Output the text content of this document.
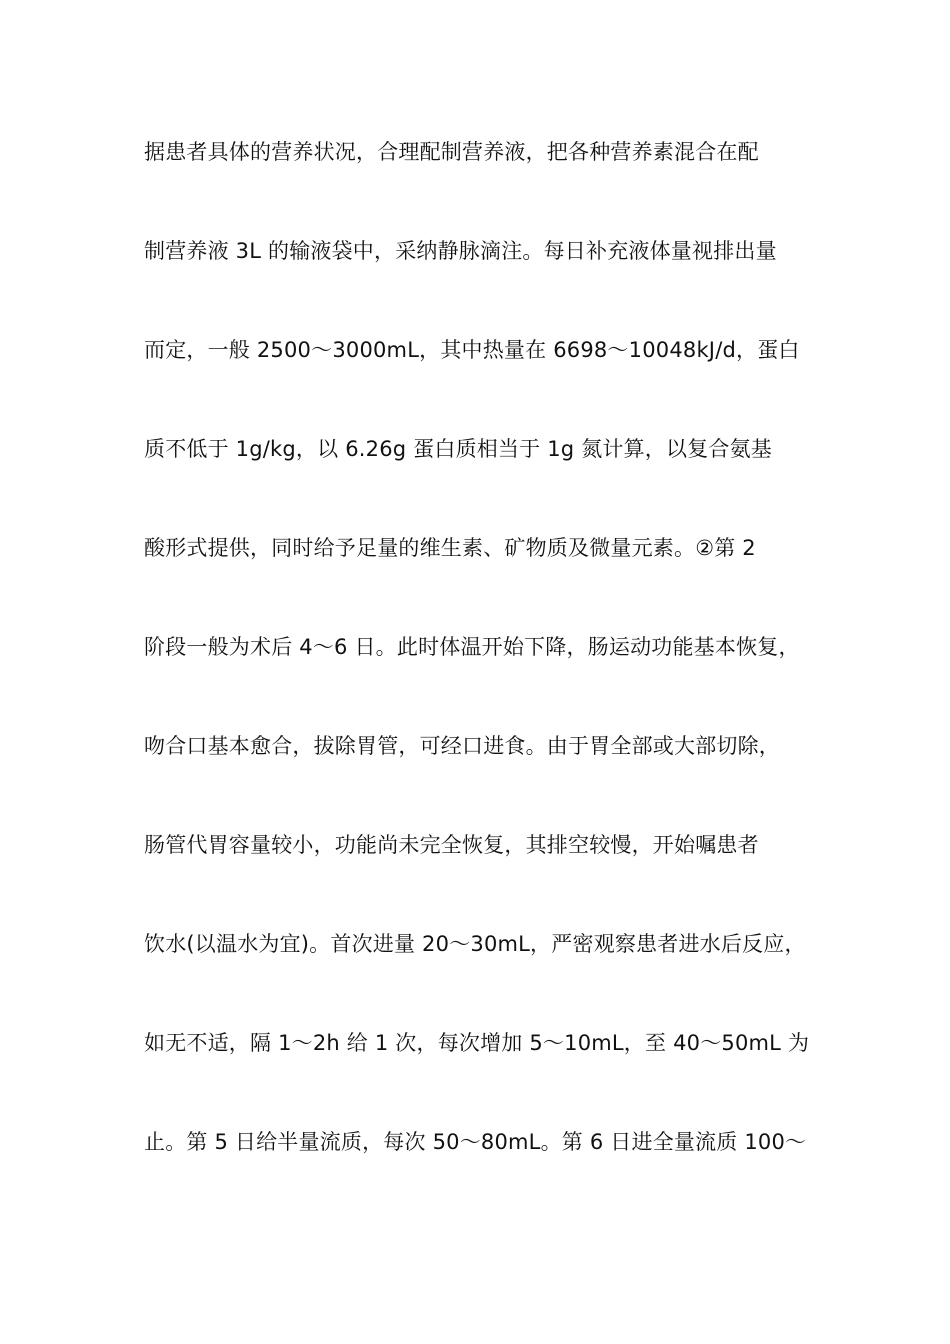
据患者具体的营养状况，合理配制营养液，把各种营养素混合在配
制营养液 3L 的输液袋中，采纳静脉滴注。每日补充液体量视排出量
而定，一般 2500～3000mL，其中热量在 6698～10048kJ/d，蛋白
质不低于 1g/kg，以 6.26g 蛋白质相当于 1g 氮计算，以复合氨基
酸形式提供，同时给予足量的维生素、矿物质及微量元素。②第 2
阶段一般为术后 4～6 日。此时体温开始下降，肠运动功能基本恢复，
吻合口基本愈合，拔除胃管，可经口进食。由于胃全部或大部切除，
肠管代胃容量较小，功能尚未完全恢复，其排空较慢，开始嘱患者
饮水(以温水为宜)。首次进量 20～30mL，严密观察患者进水后反应，
如无不适，隔 1～2h 给 1 次，每次增加 5～10mL，至 40～50mL 为
止。第 5 日给半量流质，每次 50～80mL。第 6 日进全量流质 100～
